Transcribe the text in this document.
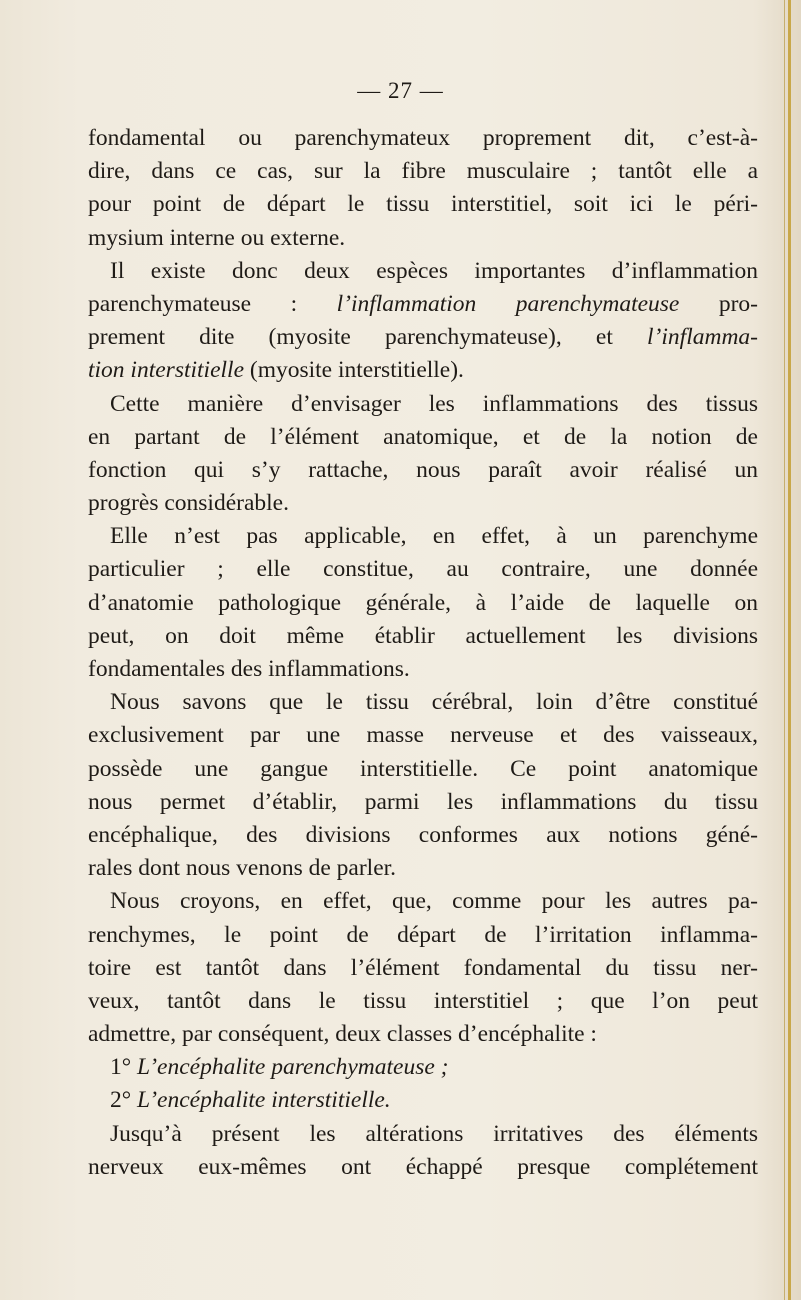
— 27 —
fondamental ou parenchymateux proprement dit, c’est-à-
dire, dans ce cas, sur la fibre musculaire ; tantôt elle a
pour point de départ le tissu interstitiel, soit ici le péri-
mysium interne ou externe.
Il existe donc deux espèces importantes d’inflammation
parenchymateuse : l’inflammation parenchymateuse pro-
prement dite (myosite parenchymateuse), et l’inflamma-
tion interstitielle (myosite interstitielle).
Cette manière d’envisager les inflammations des tissus
en partant de l’élément anatomique, et de la notion de
fonction qui s’y rattache, nous paraît avoir réalisé un
progrès considérable.
Elle n’est pas applicable, en effet, à un parenchyme
particulier ; elle constitue, au contraire, une donnée
d’anatomie pathologique générale, à l’aide de laquelle on
peut, on doit même établir actuellement les divisions
fondamentales des inflammations.
Nous savons que le tissu cérébral, loin d’être constitué
exclusivement par une masse nerveuse et des vaisseaux,
possède une gangue interstitielle. Ce point anatomique
nous permet d’établir, parmi les inflammations du tissu
encéphalique, des divisions conformes aux notions géné-
rales dont nous venons de parler.
Nous croyons, en effet, que, comme pour les autres pa-
renchymes, le point de départ de l’irritation inflamma-
toire est tantôt dans l’élément fondamental du tissu ner-
veux, tantôt dans le tissu interstitiel ; que l’on peut
admettre, par conséquent, deux classes d’encéphalite :
1° L’encéphalite parenchymateuse ;
2° L’encéphalite interstitielle.
Jusqu’à présent les altérations irritatives des éléments
nerveux eux-mêmes ont échappé presque complétement
